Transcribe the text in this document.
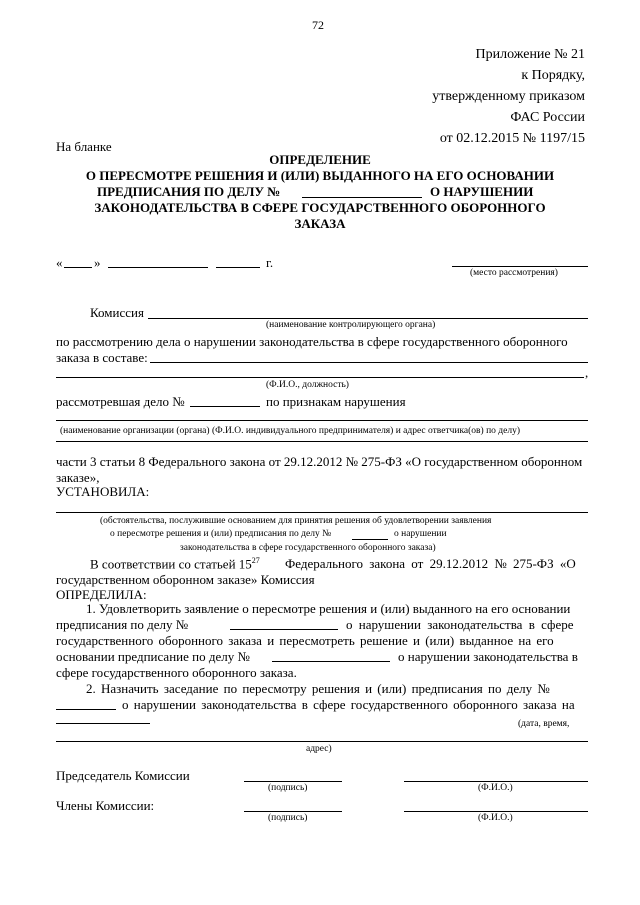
72
Приложение № 21
к Порядку,
утвержденному приказом
ФАС России
от 02.12.2015 № 1197/15
На бланке
ОПРЕДЕЛЕНИЕ
О ПЕРЕСМОТРЕ РЕШЕНИЯ И (ИЛИ) ВЫДАННОГО НА ЕГО ОСНОВАНИИ
ПРЕДПИСАНИЯ ПО ДЕЛУ №	О НАРУШЕНИИ
ЗАКОНОДАТЕЛЬСТВА В СФЕРЕ ГОСУДАРСТВЕННОГО ОБОРОННОГО
ЗАКАЗА
« »	г.
(место рассмотрения)
Комиссия
(наименование контролирующего органа)
по рассмотрению дела о нарушении законодательства в сфере государственного оборонного
заказа в составе:
,
(Ф.И.О., должность)
рассмотревшая дело №	по признакам нарушения
(наименование организации (органа) (Ф.И.О. индивидуального предпринимателя) и адрес ответчика(ов) по делу)
части 3 статьи 8 Федерального закона от 29.12.2012 № 275-ФЗ «О государственном оборонном
заказе»,
УСТАНОВИЛА:
(обстоятельства, послужившие основанием для принятия решения об удовлетворении заявления
о пересмотре решения и (или) предписания по делу №	о нарушении
законодательства в сфере государственного оборонного заказа)
В соответствии со статьей $15^{27}$ Федерального закона от 29.12.2012 № 275-ФЗ «О
государственном оборонном заказе» Комиссия
ОПРЕДЕЛИЛА:
1. Удовлетворить заявление о пересмотре решения и (или) выданного на его основании
предписания по делу №	о нарушении законодательства в сфере
государственного оборонного заказа и пересмотреть решение и (или) выданное на его
основании предписание по делу №	о нарушении законодательства в
сфере государственного оборонного заказа.
2. Назначить заседание по пересмотру решения и (или) предписания по делу №
о нарушении законодательства в сфере государственного оборонного заказа на
(дата, время,
адрес)
Председатель Комиссии
(подпись)	(Ф.И.О.)
Члены Комиссии:
(подпись)	(Ф.И.О.)
